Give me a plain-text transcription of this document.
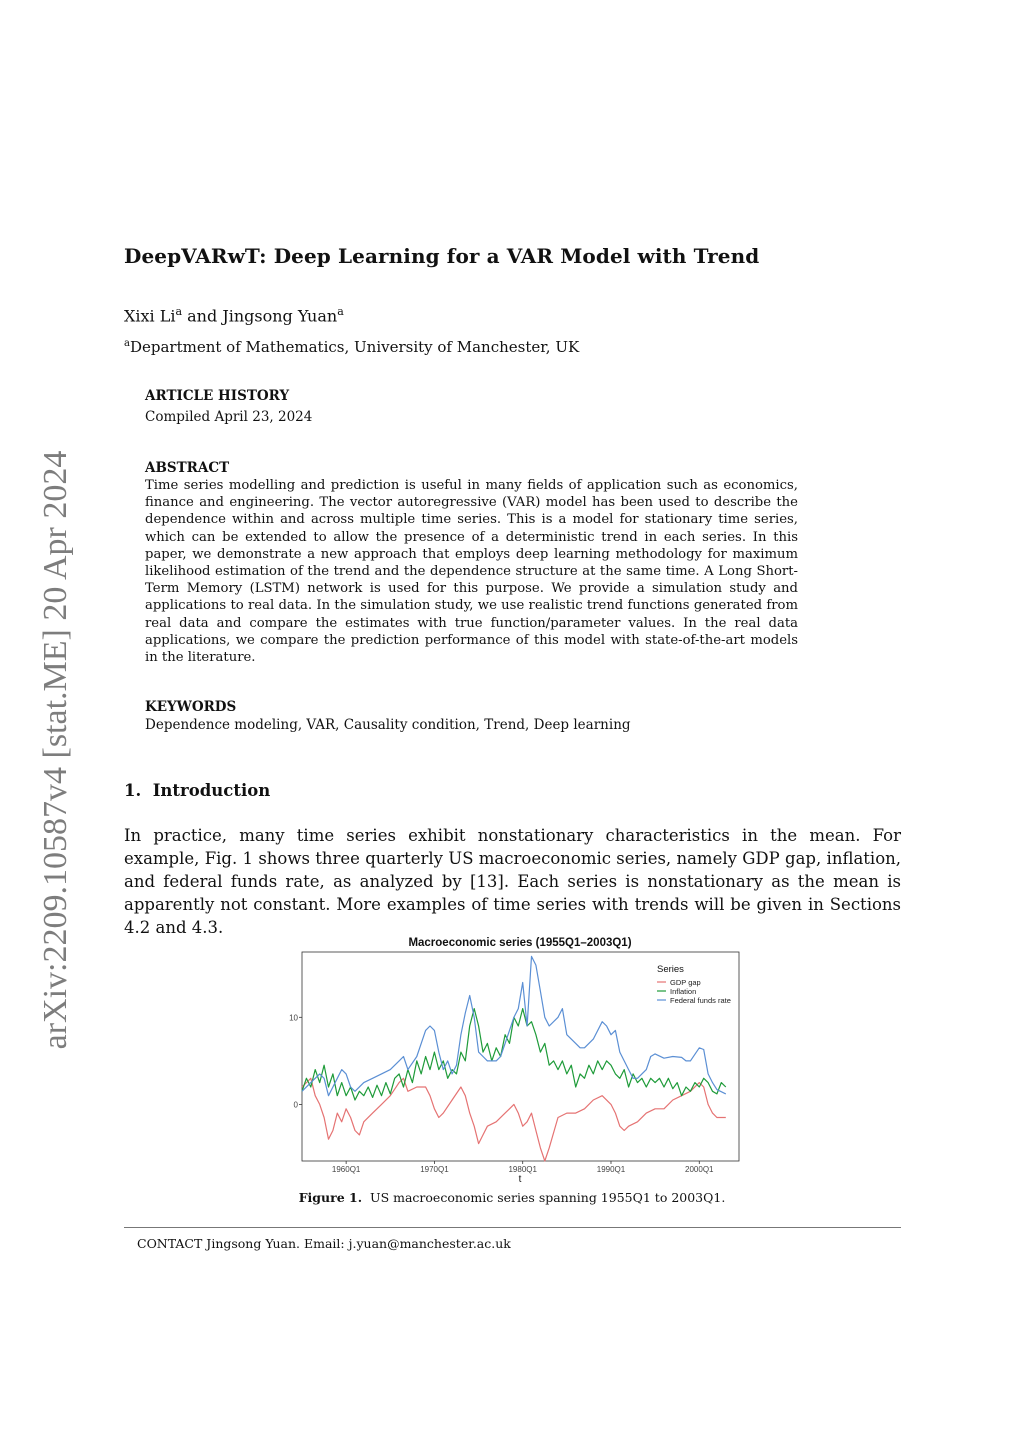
arXiv:2209.10587v4 [stat.ME] 20 Apr 2024
DeepVARwT: Deep Learning for a VAR Model with Trend
Xixi Li$^a$ and Jingsong Yuan$^a$
$^a$Department of Mathematics, University of Manchester, UK
ARTICLE HISTORY
Compiled April 23, 2024
ABSTRACT
Time series modelling and prediction is useful in many fields of application such as economics, finance and engineering. The vector autoregressive (VAR) model has been used to describe the dependence within and across multiple time series. This is a model for stationary time series, which can be extended to allow the presence of a deterministic trend in each series. In this paper, we demonstrate a new approach that employs deep learning methodology for maximum likelihood estimation of the trend and the dependence structure at the same time. A Long Short-Term Memory (LSTM) network is used for this purpose. We provide a simulation study and applications to real data. In the simulation study, we use realistic trend functions generated from real data and compare the estimates with true function/parameter values. In the real data applications, we compare the prediction performance of this model with state-of-the-art models in the literature.
KEYWORDS
Dependence modeling, VAR, Causality condition, Trend, Deep learning
1.  Introduction
In practice, many time series exhibit nonstationary characteristics in the mean. For example, Fig. 1 shows three quarterly US macroeconomic series, namely GDP gap, inflation, and federal funds rate, as analyzed by [13]. Each series is nonstationary as the mean is apparently not constant. More examples of time series with trends will be given in Sections 4.2 and 4.3.
Macroeconomic series (1955Q1–2003Q1)
0
10
1960Q1	1970Q1	1980Q1	1990Q1	2000Q1
t
Series
GDP gap
Inflation
Federal funds rate
Figure 1.  US macroeconomic series spanning 1955Q1 to 2003Q1.
CONTACT Jingsong Yuan. Email: j.yuan@manchester.ac.uk
